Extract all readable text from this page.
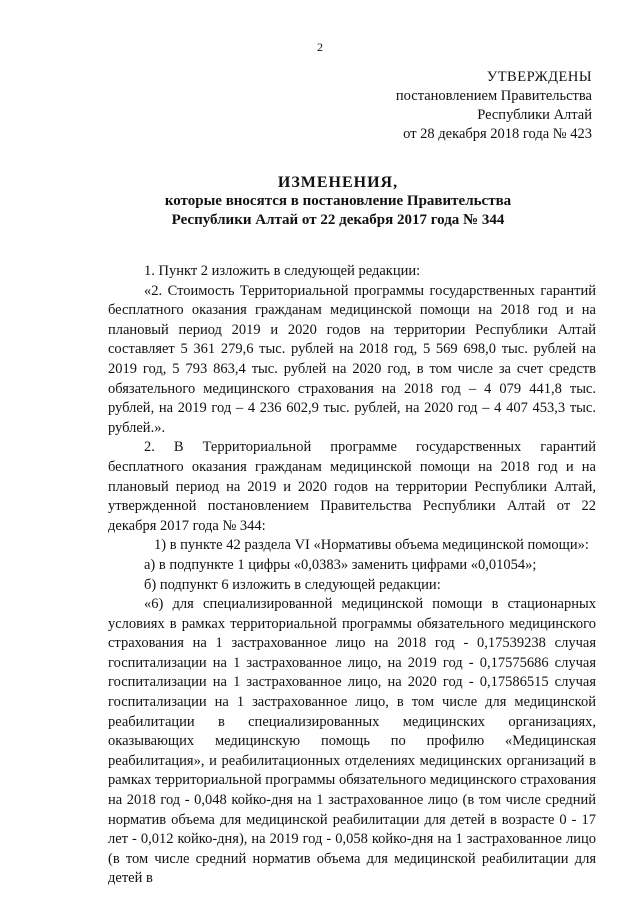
2
УТВЕРЖДЕНЫ
постановлением Правительства
Республики Алтай
от 28 декабря 2018 года № 423
ИЗМЕНЕНИЯ,
которые вносятся в постановление Правительства
Республики Алтай от 22 декабря 2017 года № 344

1. Пункт 2 изложить в следующей редакции:

«2. Стоимость Территориальной программы государственных гарантий бесплатного оказания гражданам медицинской помощи на 2018 год и на плановый период 2019 и 2020 годов на территории Республики Алтай составляет 5 361 279,6 тыс. рублей на 2018 год, 5 569 698,0 тыс. рублей на 2019 год, 5 793 863,4 тыс. рублей на 2020 год, в том числе за счет средств обязательного медицинского страхования на 2018 год – 4 079 441,8 тыс. рублей, на 2019 год – 4 236 602,9 тыс. рублей, на 2020 год – 4 407 453,3 тыс. рублей.».

2. В Территориальной программе государственных гарантий бесплатного оказания гражданам медицинской помощи на 2018 год и на плановый период на 2019 и 2020 годов на территории Республики Алтай, утвержденной постановлением Правительства Республики Алтай от 22 декабря 2017 года № 344:

1) в пункте 42 раздела VI «Нормативы объема медицинской помощи»:

а) в подпункте 1 цифры «0,0383» заменить цифрами «0,01054»;

б) подпункт 6 изложить в следующей редакции:

«6) для специализированной медицинской помощи в стационарных условиях в рамках территориальной программы обязательного медицинского страхования на 1 застрахованное лицо на 2018 год - 0,17539238 случая госпитализации на 1 застрахованное лицо, на 2019 год - 0,17575686 случая госпитализации на 1 застрахованное лицо, на 2020 год - 0,17586515 случая госпитализации на 1 застрахованное лицо, в том числе для медицинской реабилитации в специализированных медицинских организациях, оказывающих медицинскую помощь по профилю «Медицинская реабилитация», и реабилитационных отделениях медицинских организаций в рамках территориальной программы обязательного медицинского страхования на 2018 год - 0,048 койко-дня на 1 застрахованное лицо (в том числе средний норматив объема для медицинской реабилитации для детей в возрасте 0 - 17 лет - 0,012 койко-дня), на 2019 год - 0,058 койко-дня на 1 застрахованное лицо (в том числе средний норматив объема для медицинской реабилитации для детей в
